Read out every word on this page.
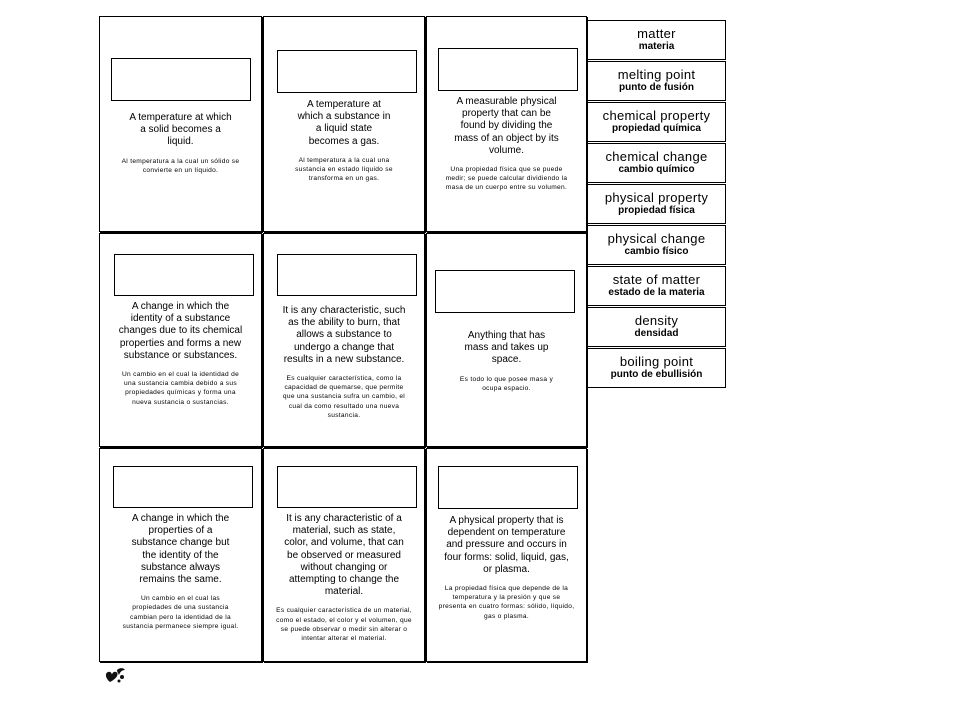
A temperature at which a solid becomes a liquid.
Al temperatura a la cual un sólido se convierte en un líquido.
A temperature at which a substance in a liquid state becomes a gas.
Al temperatura a la cual una sustancia en estado líquido se transforma en un gas.
A measurable physical property that can be found by dividing the mass of an object by its volume.
Una propiedad física que se puede medir; se puede calcular dividiendo la masa de un cuerpo entre su volumen.
A change in which the identity of a substance changes due to its chemical properties and forms a new substance or substances.
Un cambio en el cual la identidad de una sustancia cambia debido a sus propiedades químicas y forma una nueva sustancia o sustancias.
It is any characteristic, such as the ability to burn, that allows a substance to undergo a change that results in a new substance.
Es cualquier característica, como la capacidad de quemarse, que permite que una sustancia sufra un cambio, el cual da como resultado una nueva sustancia.
Anything that has mass and takes up space.
Es todo lo que posee masa y ocupa espacio.
A change in which the properties of a substance change but the identity of the substance always remains the same.
Un cambio en el cual las propiedades de una sustancia cambian pero la identidad de la sustancia permanece siempre igual.
It is any characteristic of a material, such as state, color, and volume, that can be observed or measured without changing or attempting to change the material.
Es cualquier característica de un material, como el estado, el color y el volumen, que se puede observar o medir sin alterar o intentar alterar el material.
A physical property that is dependent on temperature and pressure and occurs in four forms: solid, liquid, gas, or plasma.
La propiedad física que depende de la temperatura y la presión y que se presenta en cuatro formas: sólido, líquido, gas o plasma.
matter
materia
melting point
punto de fusión
chemical property
propiedad química
chemical change
cambio químico
physical property
propiedad física
physical change
cambio físico
state of matter
estado de la materia
density
densidad
boiling point
punto de ebullisión
